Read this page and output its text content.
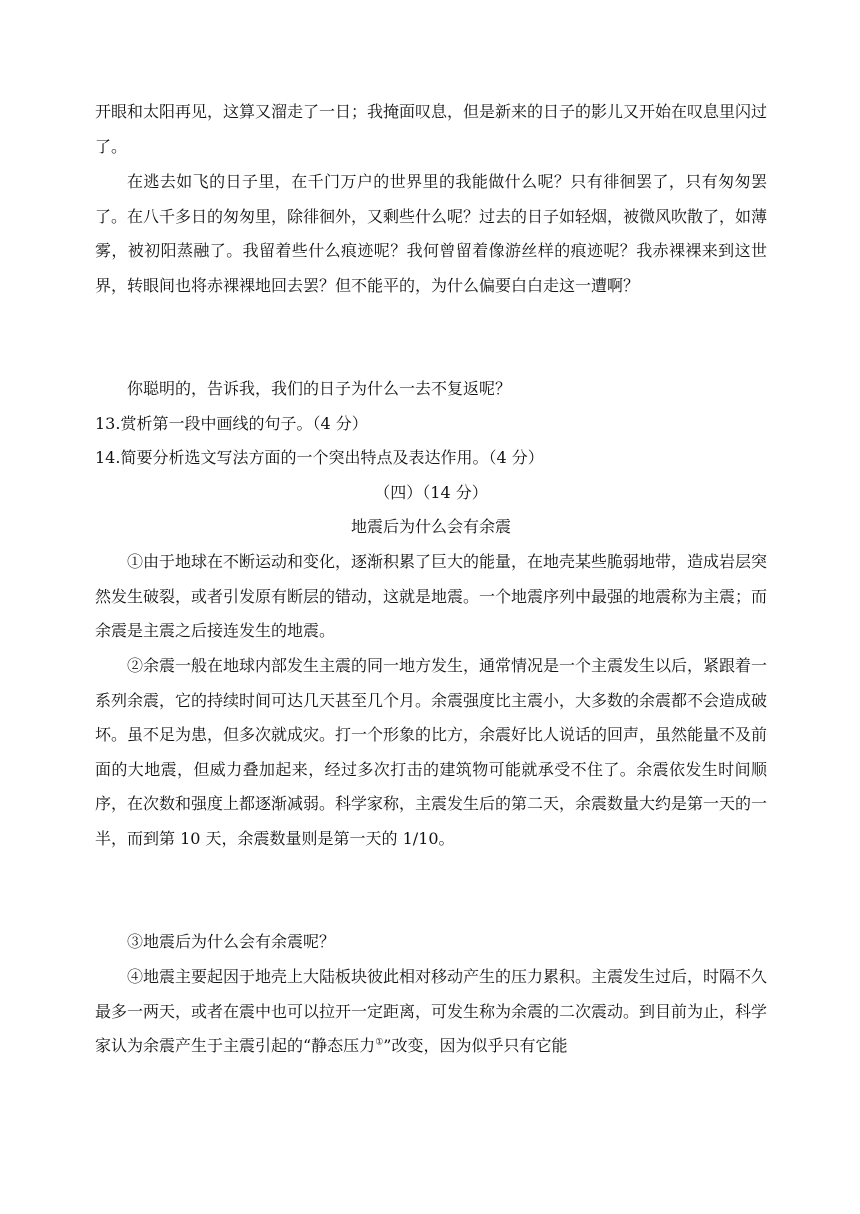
开眼和太阳再见，这算又溜走了一日；我掩面叹息，但是新来的日子的影儿又开始在叹息里闪过了。
在逃去如飞的日子里，在千门万户的世界里的我能做什么呢？只有徘徊罢了，只有匆匆罢了。在八千多日的匆匆里，除徘徊外，又剩些什么呢？过去的日子如轻烟，被微风吹散了，如薄雾，被初阳蒸融了。我留着些什么痕迹呢？我何曾留着像游丝样的痕迹呢？我赤裸裸来到这世界，转眼间也将赤裸裸地回去罢？但不能平的，为什么偏要白白走这一遭啊？
你聪明的，告诉我，我们的日子为什么一去不复返呢？
13.赏析第一段中画线的句子。（4 分）
14.简要分析选文写法方面的一个突出特点及表达作用。（4 分）
（四）（14 分）
地震后为什么会有余震
①由于地球在不断运动和变化，逐渐积累了巨大的能量，在地壳某些脆弱地带，造成岩层突然发生破裂，或者引发原有断层的错动，这就是地震。一个地震序列中最强的地震称为主震；而余震是主震之后接连发生的地震。
②余震一般在地球内部发生主震的同一地方发生，通常情况是一个主震发生以后，紧跟着一系列余震，它的持续时间可达几天甚至几个月。余震强度比主震小，大多数的余震都不会造成破坏。虽不足为患，但多次就成灾。打一个形象的比方，余震好比人说话的回声，虽然能量不及前面的大地震，但威力叠加起来，经过多次打击的建筑物可能就承受不住了。余震依发生时间顺序，在次数和强度上都逐渐减弱。科学家称，主震发生后的第二天，余震数量大约是第一天的一半，而到第 10 天，余震数量则是第一天的 1/10。
③地震后为什么会有余震呢？
④地震主要起因于地壳上大陆板块彼此相对移动产生的压力累积。主震发生过后，时隔不久最多一两天，或者在震中也可以拉开一定距离，可发生称为余震的二次震动。到目前为止，科学家认为余震产生于主震引起的“静态压力①”改变，因为似乎只有它能
